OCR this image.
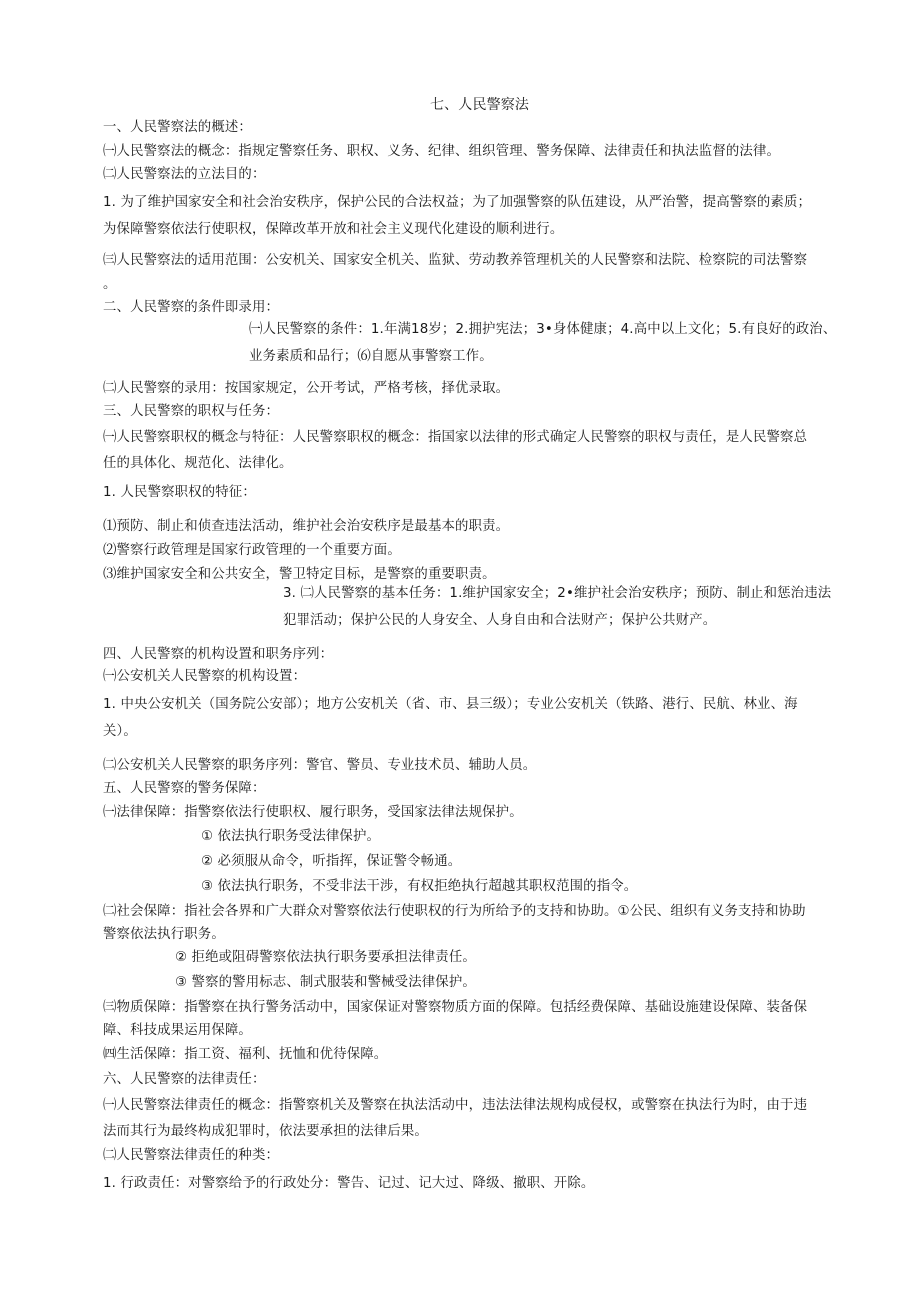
七、人民警察法
一、人民警察法的概述：
㈠人民警察法的概念：指规定警察任务、职权、义务、纪律、组织管理、警务保障、法律责任和执法监督的法律。
㈡人民警察法的立法目的：
1. 为了维护国家安全和社会治安秩序，保护公民的合法权益；为了加强警察的队伍建设，从严治警，提高警察的素质；
为保障警察依法行使职权，保障改革开放和社会主义现代化建设的顺利进行。
㈢人民警察法的适用范围：公安机关、国家安全机关、监狱、劳动教养管理机关的人民警察和法院、检察院的司法警察
。
二、人民警察的条件即录用：
㈠人民警察的条件：1.年满18岁；2.拥护宪法；3•身体健康；4.高中以上文化；5.有良好的政治、
业务素质和品行；⑹自愿从事警察工作。
㈡人民警察的录用：按国家规定，公开考试，严格考核，择优录取。
三、人民警察的职权与任务：
㈠人民警察职权的概念与特征：人民警察职权的概念：指国家以法律的形式确定人民警察的职权与责任，是人民警察总
任的具体化、规范化、法律化。
1. 人民警察职权的特征：
⑴预防、制止和侦查违法活动，维护社会治安秩序是最基本的职责。
⑵警察行政管理是国家行政管理的一个重要方面。
⑶维护国家安全和公共安全，警卫特定目标，是警察的重要职责。
3. ㈡人民警察的基本任务：1.维护国家安全；2•维护社会治安秩序；预防、制止和惩治违法
犯罪活动；保护公民的人身安全、人身自由和合法财产；保护公共财产。
四、人民警察的机构设置和职务序列：
㈠公安机关人民警察的机构设置：
1. 中央公安机关（国务院公安部）；地方公安机关（省、市、县三级）；专业公安机关（铁路、港行、民航、林业、海
关）。
㈡公安机关人民警察的职务序列：警官、警员、专业技术员、辅助人员。
五、人民警察的警务保障：
㈠法律保障：指警察依法行使职权、履行职务，受国家法律法规保护。
① 依法执行职务受法律保护。
② 必须服从命令，听指挥，保证警令畅通。
③ 依法执行职务，不受非法干涉，有权拒绝执行超越其职权范围的指令。
㈡社会保障：指社会各界和广大群众对警察依法行使职权的行为所给予的支持和协助。①公民、组织有义务支持和协助
警察依法执行职务。
② 拒绝或阻碍警察依法执行职务要承担法律责任。
③ 警察的警用标志、制式服装和警械受法律保护。
㈢物质保障：指警察在执行警务活动中，国家保证对警察物质方面的保障。包括经费保障、基础设施建设保障、装备保
障、科技成果运用保障。
㈣生活保障：指工资、福利、抚恤和优待保障。
六、人民警察的法律责任：
㈠人民警察法律责任的概念：指警察机关及警察在执法活动中，违法法律法规构成侵权，或警察在执法行为时，由于违
法而其行为最终构成犯罪时，依法要承担的法律后果。
㈡人民警察法律责任的种类：
1. 行政责任：对警察给予的行政处分：警告、记过、记大过、降级、撤职、开除。
